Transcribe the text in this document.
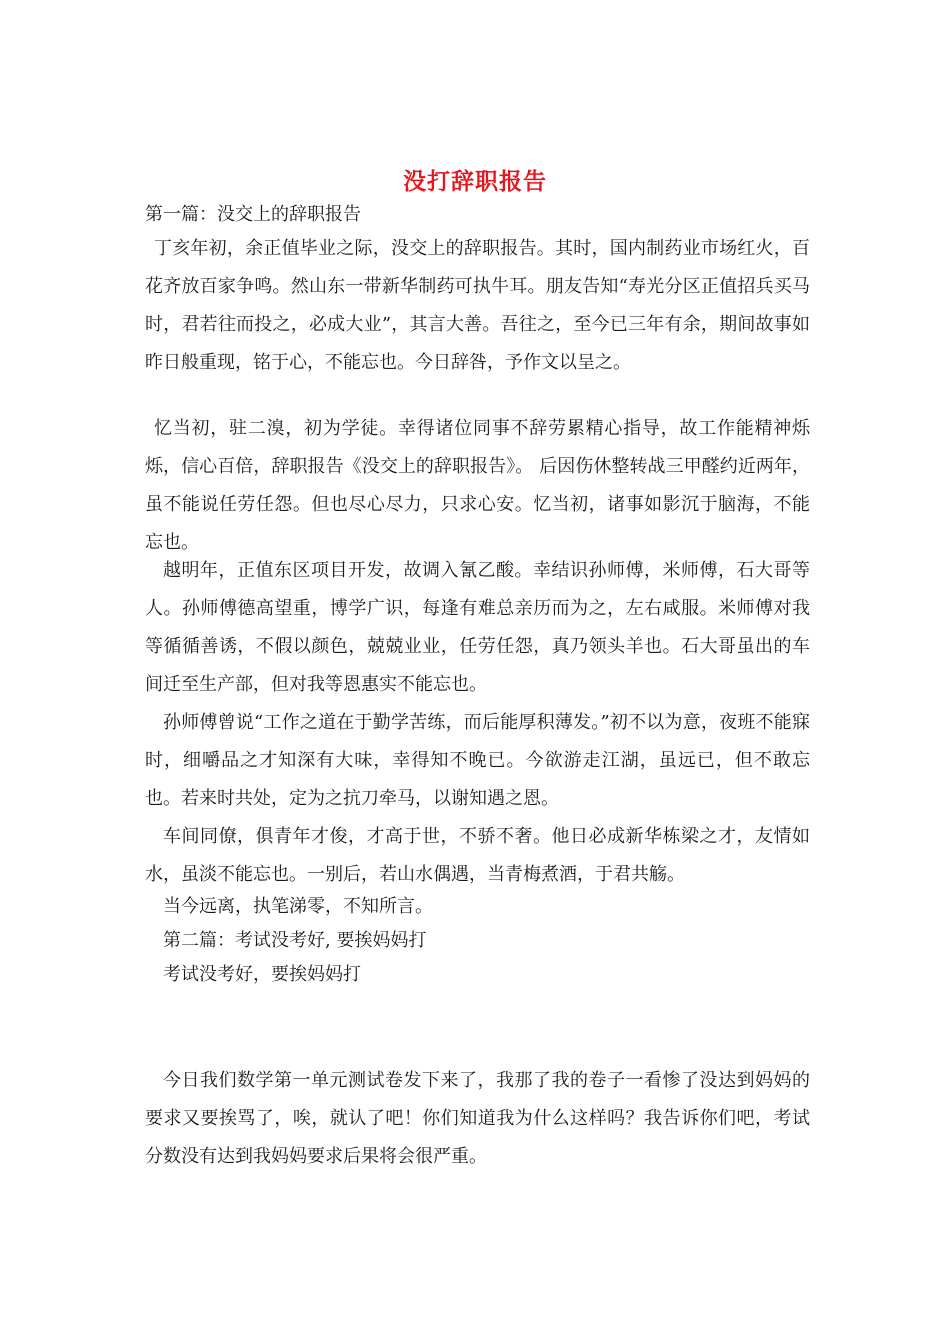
没打辞职报告

第一篇：没交上的辞职报告

丁亥年初，余正值毕业之际，没交上的辞职报告。其时，国内制药业市场红火，百花齐放百家争鸣。然山东一带新华制药可执牛耳。朋友告知“寿光分区正值招兵买马时，君若往而投之，必成大业”，其言大善。吾往之，至今已三年有余，期间故事如昨日般重现，铭于心，不能忘也。今日辞咎，予作文以呈之。

忆当初，驻二溴，初为学徒。幸得诸位同事不辞劳累精心指导，故工作能精神烁烁，信心百倍，辞职报告《没交上的辞职报告》。 后因伤休整转战三甲醛约近两年，虽不能说任劳任怨。但也尽心尽力，只求心安。忆当初，诸事如影沉于脑海，不能忘也。

越明年，正值东区项目开发，故调入氰乙酸。幸结识孙师傅，米师傅，石大哥等人。孙师傅德高望重，博学广识，每逢有难总亲历而为之，左右咸服。米师傅对我等循循善诱，不假以颜色，兢兢业业，任劳任怨，真乃领头羊也。石大哥虽出的车间迁至生产部，但对我等恩惠实不能忘也。

孙师傅曾说“工作之道在于勤学苦练，而后能厚积薄发。”初不以为意，夜班不能寐时，细嚼品之才知深有大味，幸得知不晚已。今欲游走江湖，虽远已，但不敢忘也。若来时共处，定为之抗刀牵马，以谢知遇之恩。

车间同僚，俱青年才俊，才高于世，不骄不奢。他日必成新华栋梁之才，友情如水，虽淡不能忘也。一别后，若山水偶遇，当青梅煮酒，于君共觞。

当今远离，执笔涕零，不知所言。

第二篇：考试没考好, 要挨妈妈打

考试没考好，要挨妈妈打

今日我们数学第一单元测试卷发下来了，我那了我的卷子一看惨了没达到妈妈的要求又要挨骂了，唉，就认了吧！你们知道我为什么这样吗？我告诉你们吧，考试分数没有达到我妈妈要求后果将会很严重。
